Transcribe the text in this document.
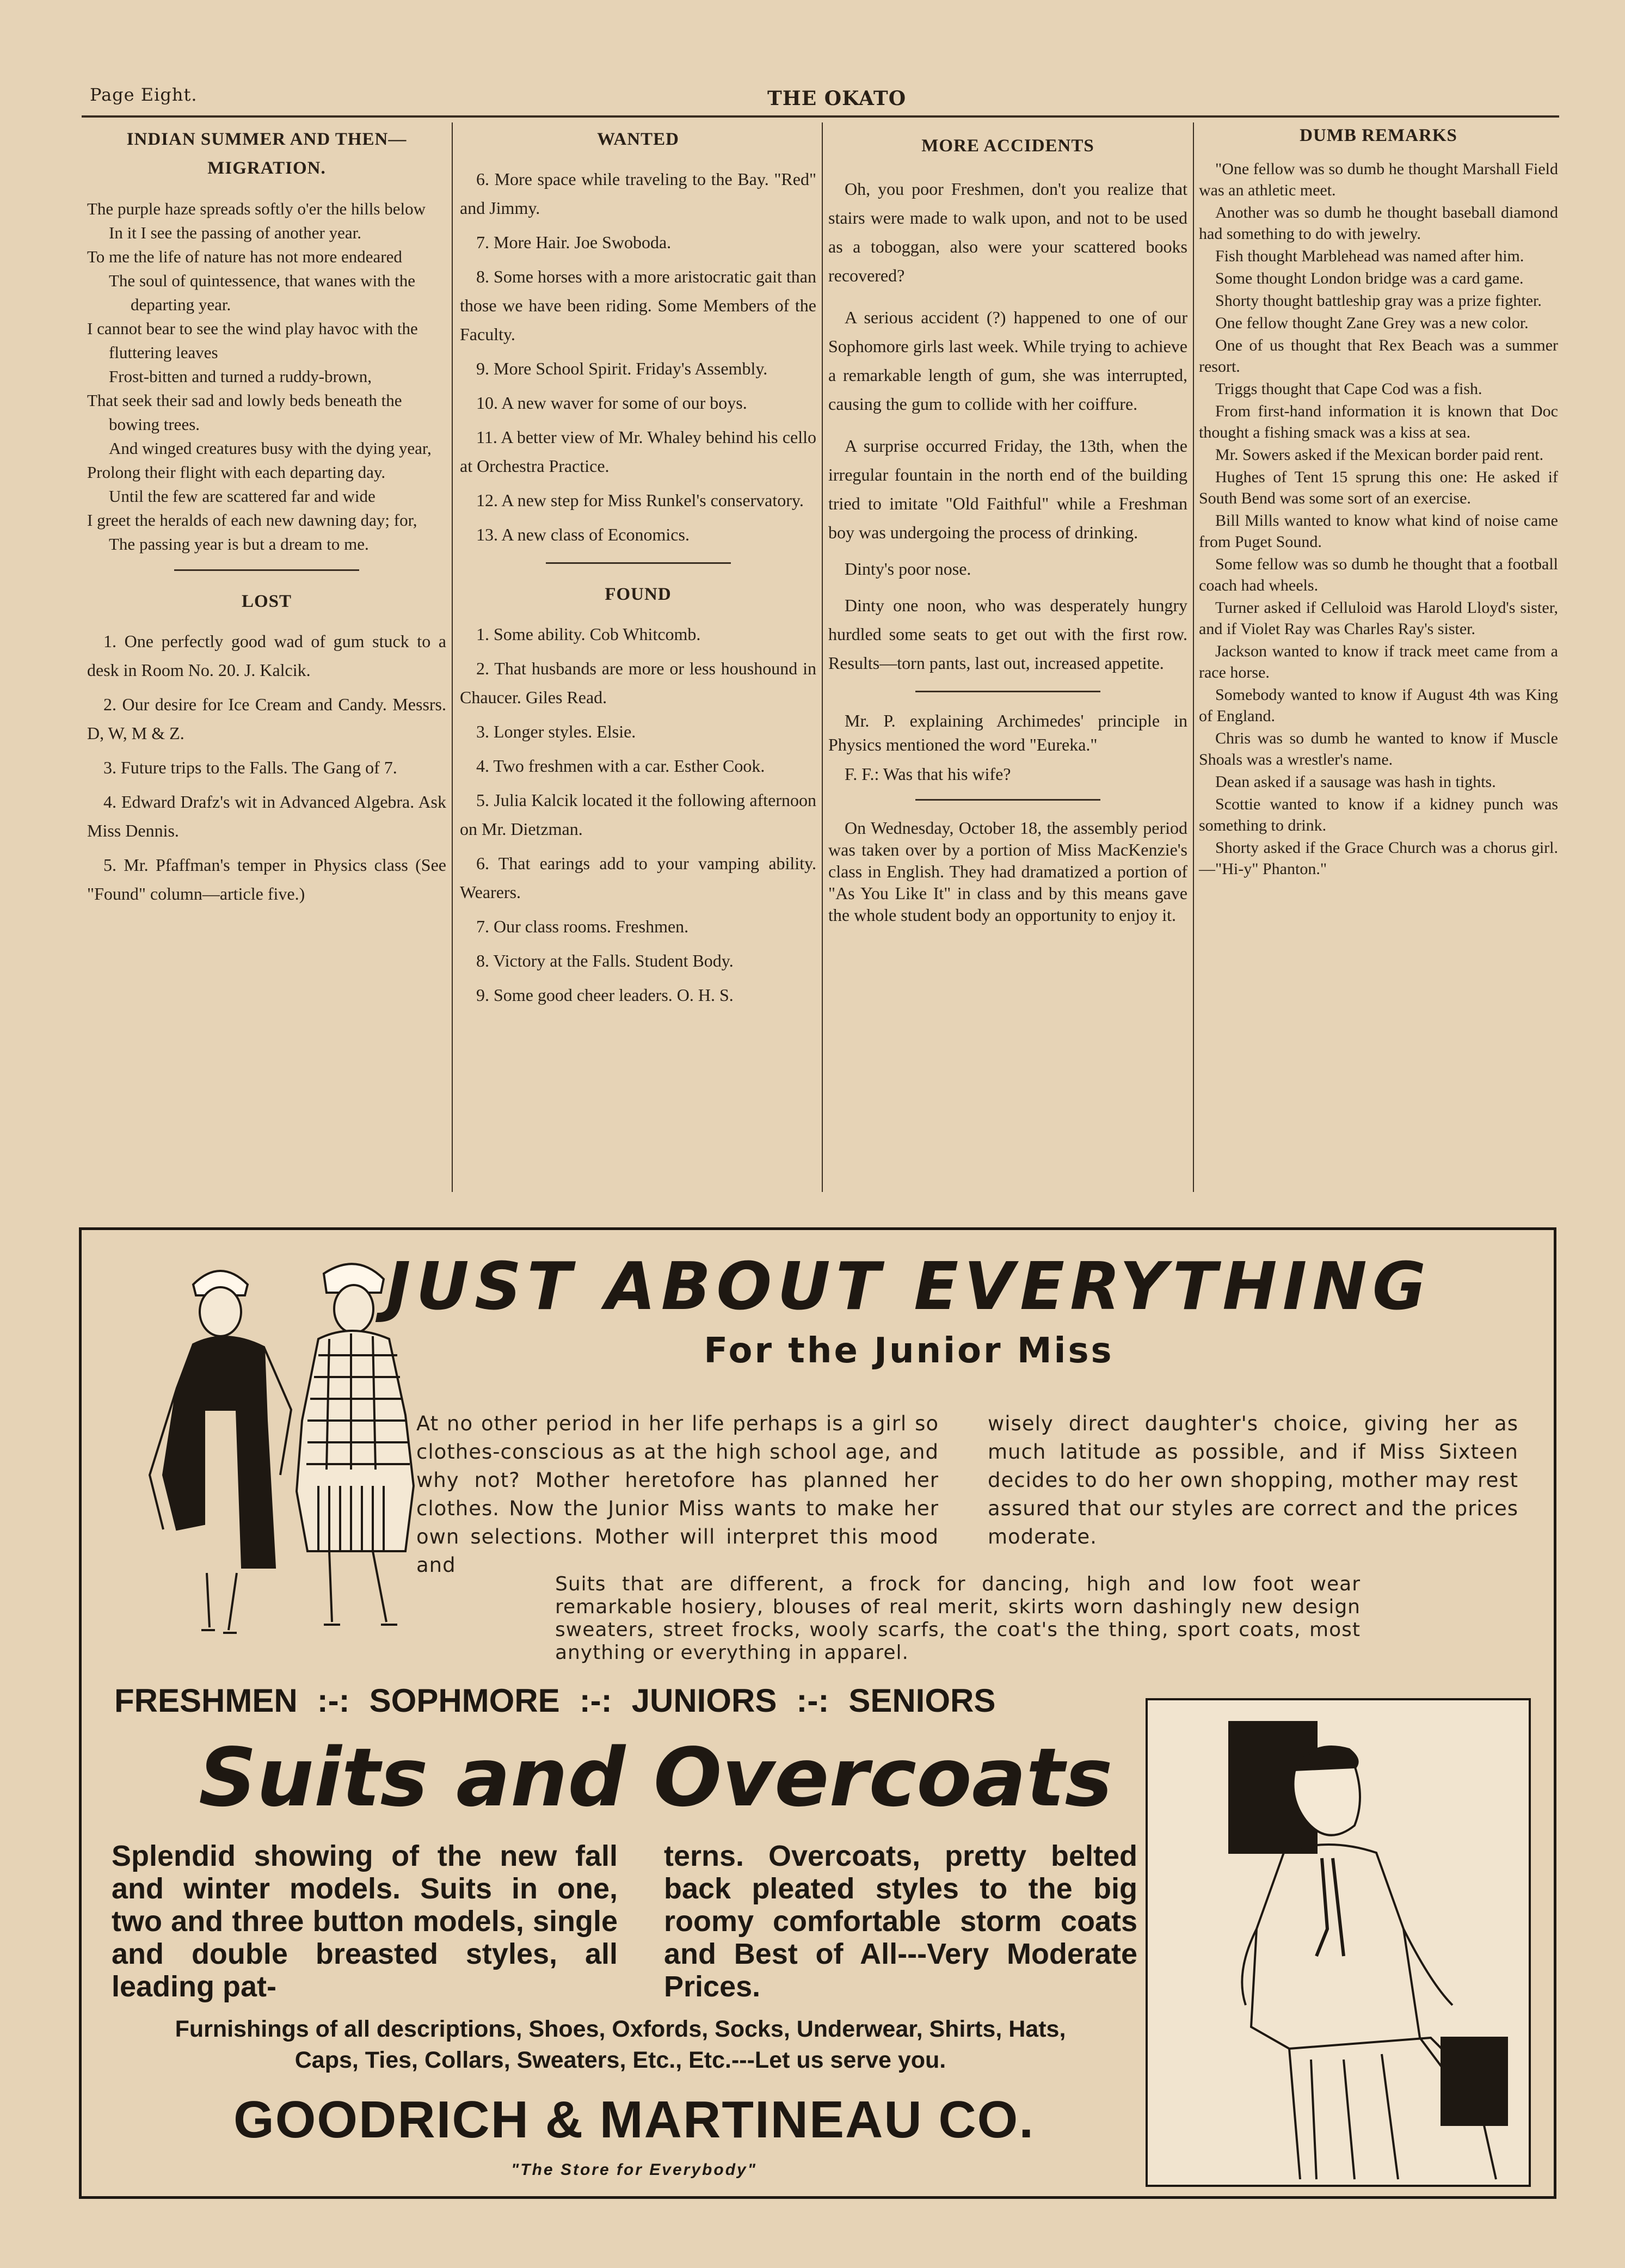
Page Eight.	THE OKATO
INDIAN SUMMER AND THEN—
MIGRATION.
The purple haze spreads softly o'er the hills below
In it I see the passing of another year.
To me the life of nature has not more endeared
The soul of quintessence, that wanes with the departing year.
I cannot bear to see the wind play havoc with the fluttering leaves
Frost-bitten and turned a ruddy-brown,
That seek their sad and lowly beds beneath the bowing trees.
And winged creatures busy with the dying year,
Prolong their flight with each departing day.
Until the few are scattered far and wide
I greet the heralds of each new dawning day; for,
The passing year is but a dream to me.
LOST

1. One perfectly good wad of gum stuck to a desk in Room No. 20. J. Kalcik.

2. Our desire for Ice Cream and Candy. Messrs. D, W, M & Z.

3. Future trips to the Falls. The Gang of 7.

4. Edward Drafz's wit in Advanced Algebra. Ask Miss Dennis.

5. Mr. Pfaffman's temper in Physics class (See "Found" column—article five.)

WANTED

6. More space while traveling to the Bay. "Red" and Jimmy.

7. More Hair. Joe Swoboda.

8. Some horses with a more aristocratic gait than those we have been riding. Some Members of the Faculty.

9. More School Spirit. Friday's Assembly.

10. A new waver for some of our boys.

11. A better view of Mr. Whaley behind his cello at Orchestra Practice.

12. A new step for Miss Runkel's conservatory.

13. A new class of Economics.

FOUND

1. Some ability. Cob Whitcomb.

2. That husbands are more or less houshound in Chaucer. Giles Read.

3. Longer styles. Elsie.

4. Two freshmen with a car. Esther Cook.

5. Julia Kalcik located it the following afternoon on Mr. Dietzman.

6. That earings add to your vamping ability. Wearers.

7. Our class rooms. Freshmen.

8. Victory at the Falls. Student Body.

9. Some good cheer leaders. O. H. S.

MORE ACCIDENTS

Oh, you poor Freshmen, don't you realize that stairs were made to walk upon, and not to be used as a toboggan, also were your scattered books recovered?

A serious accident (?) happened to one of our Sophomore girls last week. While trying to achieve a remarkable length of gum, she was interrupted, causing the gum to collide with her coiffure.

A surprise occurred Friday, the 13th, when the irregular fountain in the north end of the building tried to imitate "Old Faithful" while a Freshman boy was undergoing the process of drinking.

Dinty's poor nose.

Dinty one noon, who was desperately hungry hurdled some seats to get out with the first row. Results—torn pants, last out, increased appetite.

Mr. P. explaining Archimedes' principle in Physics mentioned the word "Eureka."

F. F.: Was that his wife?

On Wednesday, October 18, the assembly period was taken over by a portion of Miss MacKenzie's class in English. They had dramatized a portion of "As You Like It" in class and by this means gave the whole student body an opportunity to enjoy it.

DUMB REMARKS

"One fellow was so dumb he thought Marshall Field was an athletic meet.

Another was so dumb he thought baseball diamond had something to do with jewelry.

Fish thought Marblehead was named after him.

Some thought London bridge was a card game.

Shorty thought battleship gray was a prize fighter.

One fellow thought Zane Grey was a new color.

One of us thought that Rex Beach was a summer resort.

Triggs thought that Cape Cod was a fish.

From first-hand information it is known that Doc thought a fishing smack was a kiss at sea.

Mr. Sowers asked if the Mexican border paid rent.

Hughes of Tent 15 sprung this one: He asked if South Bend was some sort of an exercise.

Bill Mills wanted to know what kind of noise came from Puget Sound.

Some fellow was so dumb he thought that a football coach had wheels.

Turner asked if Celluloid was Harold Lloyd's sister, and if Violet Ray was Charles Ray's sister.

Jackson wanted to know if track meet came from a race horse.

Somebody wanted to know if August 4th was King of England.

Chris was so dumb he wanted to know if Muscle Shoals was a wrestler's name.

Dean asked if a sausage was hash in tights.

Scottie wanted to know if a kidney punch was something to drink.

Shorty asked if the Grace Church was a chorus girl.—"Hi-y" Phanton."

JUST ABOUT EVERYTHING
For the Junior Miss

At no other period in her life perhaps is a girl so clothes-conscious as at the high school age, and why not? Mother heretofore has planned her clothes. Now the Junior Miss wants to make her own selections. Mother will interpret this mood and

wisely direct daughter's choice, giving her as much latitude as possible, and if Miss Sixteen decides to do her own shopping, mother may rest assured that our styles are correct and the prices moderate.

Suits that are different, a frock for dancing, high and low foot wear remarkable hosiery, blouses of real merit, skirts worn dashingly new design sweaters, street frocks, wooly scarfs, the coat's the thing, sport coats, most anything or everything in apparel.

FRESHMEN :-: SOPHMORE :-: JUNIORS :-: SENIORS
Suits and Overcoats

Splendid showing of the new fall and winter models. Suits in one, two and three button models, single and double breasted styles, all leading pat-

terns. Overcoats, pretty belted back pleated styles to the big roomy comfortable storm coats and Best of All---Very Moderate Prices.

Furnishings of all descriptions, Shoes, Oxfords, Socks, Underwear, Shirts, Hats, Caps, Ties, Collars, Sweaters, Etc., Etc.---Let us serve you.

GOODRICH & MARTINEAU CO.
"The Store for Everybody"
